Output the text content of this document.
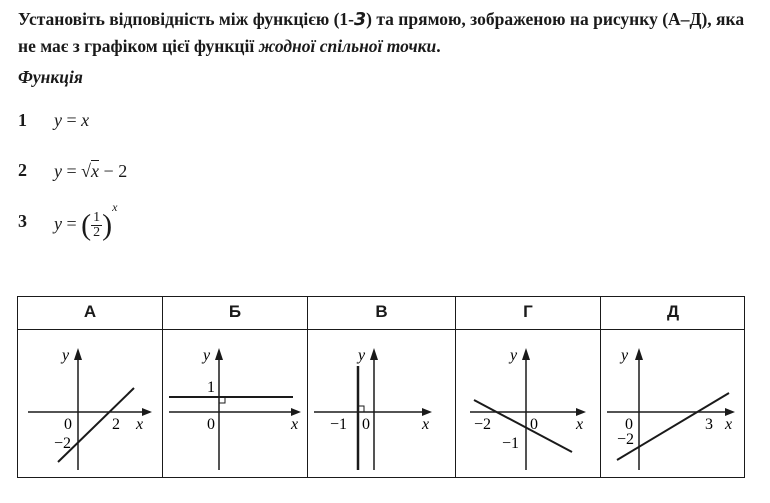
Установіть відповідність між функцією (1-3) та прямою, зображеною на рисунку (А–Д), яка не має з графіком цієї функції жодної спільної точки.
Функція
1 y = x
2 y = √x − 2
3 y = ( $\frac{1}{2} )^x$
А	Б	В	Г	Д
y
x
0	2
−2
y
x
1
0
y
x
−1 0
y
x
−2 0
−1
y
x
0	3
−2
